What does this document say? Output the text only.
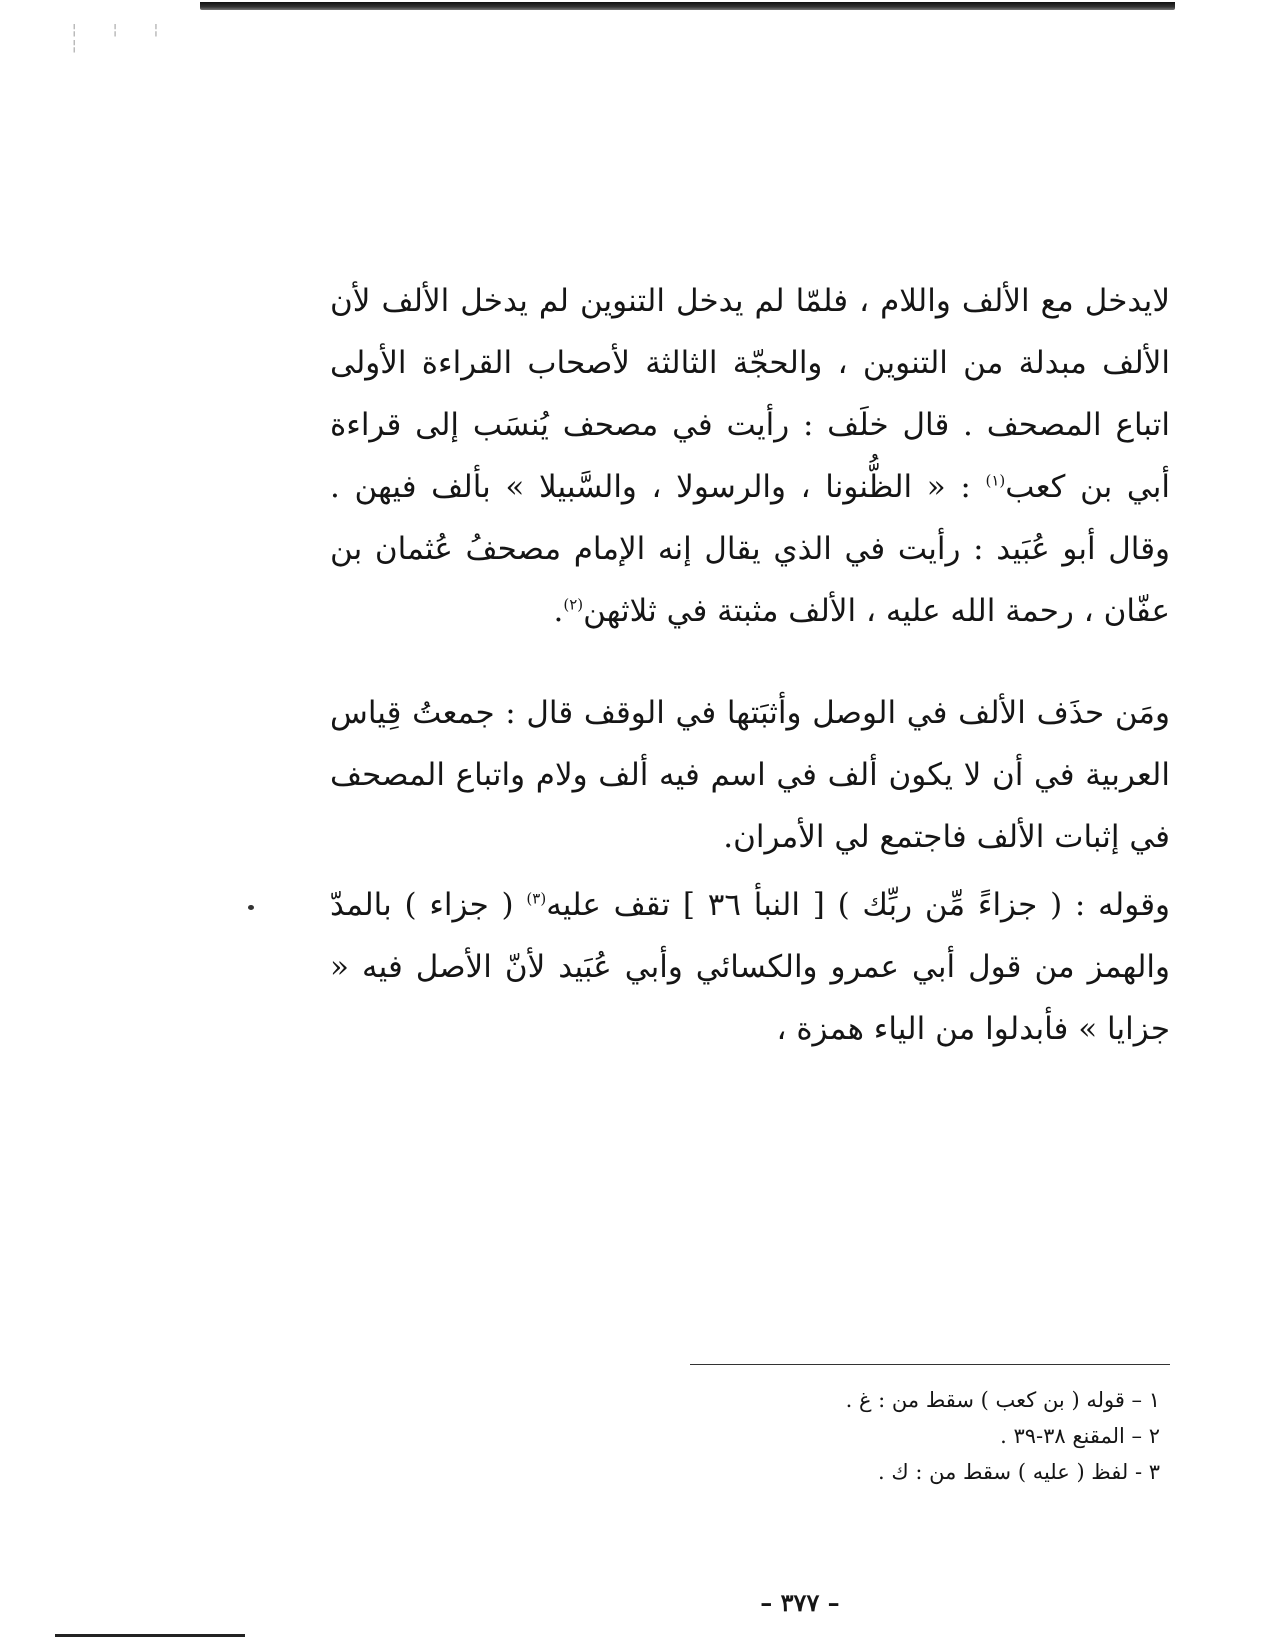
¦ ¦ ¦ ¦

لايدخل مع الألف واللام ، فلمّا لم يدخل التنوين لم يدخل الألف لأن الألف مبدلة من التنوين ، والحجّة الثالثة لأصحاب القراءة الأولى اتباع المصحف . قال خلَف : رأيت في مصحف يُنسَب إلى قراءة أبي بن كعب$^{(١)}$ : « الظُّنونا ، والرسولا ، والسَّبيلا » بألف فيهن . وقال أبو عُبَيد : رأيت في الذي يقال إنه الإمام مصحفُ عُثمان بن عفّان ، رحمة الله عليه ، الألف مثبتة في ثلاثهن$^{(٢)}$.

ومَن حذَف الألف في الوصل وأثبَتها في الوقف قال : جمعتُ قِياس العربية في أن لا يكون ألف في اسم فيه ألف ولام واتباع المصحف في إثبات الألف فاجتمع لي الأمران.

وقوله : ( جزاءً مِّن ربِّك ) [ النبأ ٣٦ ] تقف عليه$^{(٣)}$ ( جزاء ) بالمدّ والهمز من قول أبي عمرو والكسائي وأبي عُبَيد لأنّ الأصل فيه « جزايا » فأبدلوا من الياء همزة ،

١ – قوله ( بن كعب ) سقط من : غ .

٢ – المقنع ٣٨-٣٩ .

٣ - لفظ ( عليه ) سقط من : ك .

– ٣٧٧ –
